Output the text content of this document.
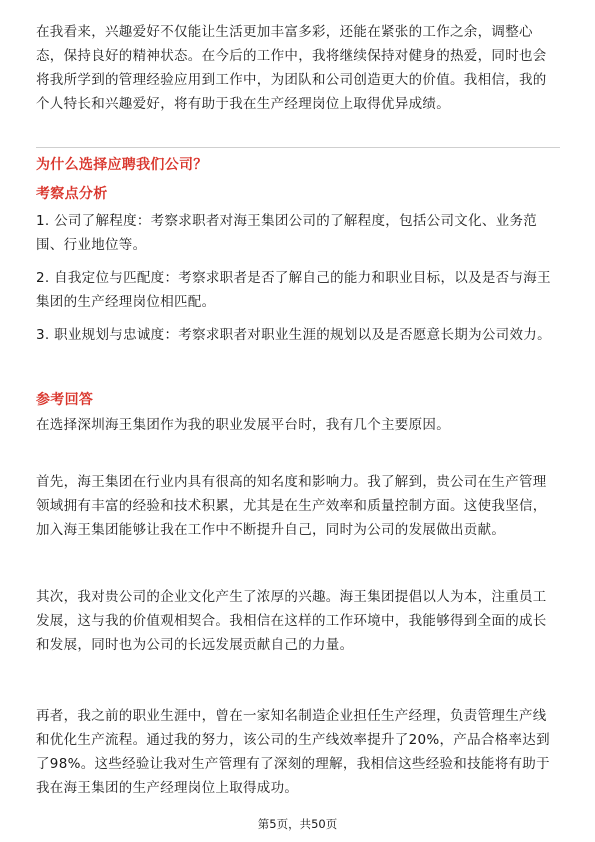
在我看来，兴趣爱好不仅能让生活更加丰富多彩，还能在紧张的工作之余，调整心态，保持良好的精神状态。在今后的工作中，我将继续保持对健身的热爱，同时也会将我所学到的管理经验应用到工作中，为团队和公司创造更大的价值。我相信，我的个人特长和兴趣爱好，将有助于我在生产经理岗位上取得优异成绩。

为什么选择应聘我们公司？

考察点分析

1. 公司了解程度：考察求职者对海王集团公司的了解程度，包括公司文化、业务范围、行业地位等。

2. 自我定位与匹配度：考察求职者是否了解自己的能力和职业目标，以及是否与海王集团的生产经理岗位相匹配。

3. 职业规划与忠诚度：考察求职者对职业生涯的规划以及是否愿意长期为公司效力。

参考回答

在选择深圳海王集团作为我的职业发展平台时，我有几个主要原因。

首先，海王集团在行业内具有很高的知名度和影响力。我了解到，贵公司在生产管理领域拥有丰富的经验和技术积累，尤其是在生产效率和质量控制方面。这使我坚信，加入海王集团能够让我在工作中不断提升自己，同时为公司的发展做出贡献。

其次，我对贵公司的企业文化产生了浓厚的兴趣。海王集团提倡以人为本，注重员工发展，这与我的价值观相契合。我相信在这样的工作环境中，我能够得到全面的成长和发展，同时也为公司的长远发展贡献自己的力量。

再者，我之前的职业生涯中，曾在一家知名制造企业担任生产经理，负责管理生产线和优化生产流程。通过我的努力，该公司的生产线效率提升了20%，产品合格率达到了98%。这些经验让我对生产管理有了深刻的理解，我相信这些经验和技能将有助于我在海王集团的生产经理岗位上取得成功。

第5页，共50页
